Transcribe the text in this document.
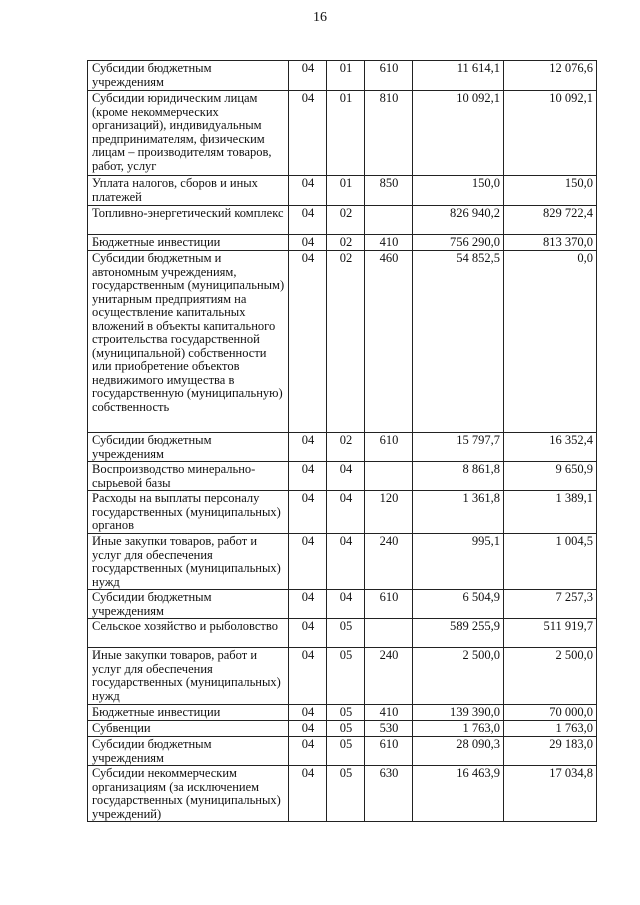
16
Субсидии бюджетным учреждениям	04	01	610	11 614,1	12 076,6
Субсидии юридическим лицам (кроме некоммерческих организаций), индивидуальным предпринимателям, физическим лицам – производителям товаров, работ, услуг	04	01	810	10 092,1	10 092,1
Уплата налогов, сборов и иных платежей	04	01	850	150,0	150,0
Топливно-энергетический комплекс	04	02		826 940,2	829 722,4
Бюджетные инвестиции	04	02	410	756 290,0	813 370,0
Субсидии бюджетным и автономным учреждениям, государственным (муниципальным) унитарным предприятиям на осуществление капитальных вложений в объекты капитального строительства государственной (муниципальной) собственности или приобретение объектов недвижимого имущества в государственную (муниципальную) собственность	04	02	460	54 852,5	0,0
Субсидии бюджетным учреждениям	04	02	610	15 797,7	16 352,4
Воспроизводство минерально-сырьевой базы	04	04		8 861,8	9 650,9
Расходы на выплаты персоналу государственных (муниципальных) органов	04	04	120	1 361,8	1 389,1
Иные закупки товаров, работ и услуг для обеспечения государственных (муниципальных) нужд	04	04	240	995,1	1 004,5
Субсидии бюджетным учреждениям	04	04	610	6 504,9	7 257,3
Сельское хозяйство и рыболовство	04	05		589 255,9	511 919,7
Иные закупки товаров, работ и услуг для обеспечения государственных (муниципальных) нужд	04	05	240	2 500,0	2 500,0
Бюджетные инвестиции	04	05	410	139 390,0	70 000,0
Субвенции	04	05	530	1 763,0	1 763,0
Субсидии бюджетным учреждениям	04	05	610	28 090,3	29 183,0
Субсидии некоммерческим организациям (за исключением государственных (муниципальных) учреждений)	04	05	630	16 463,9	17 034,8
